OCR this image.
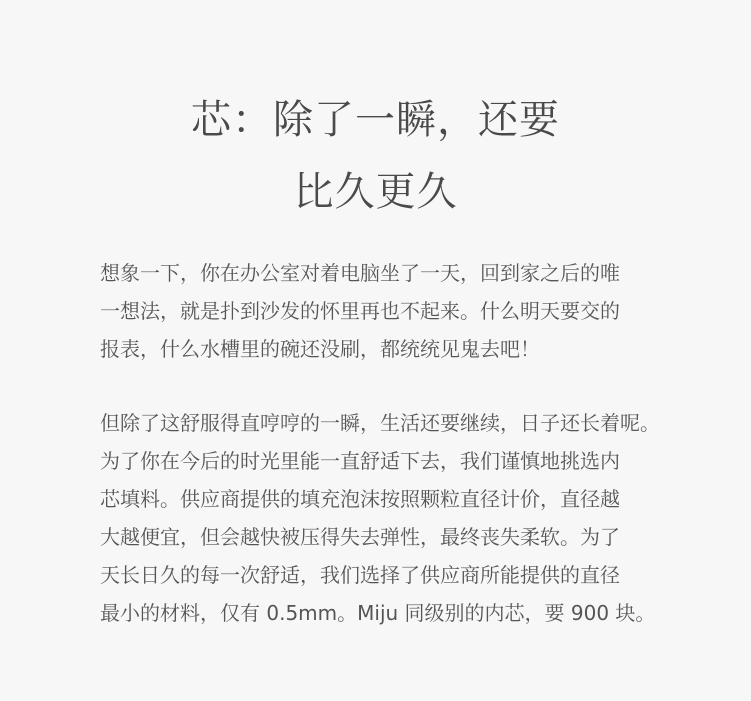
芯：除了一瞬，还要
比久更久

想象一下，你在办公室对着电脑坐了一天，回到家之后的唯
一想法，就是扑到沙发的怀里再也不起来。什么明天要交的
报表，什么水槽里的碗还没刷，都统统见鬼去吧！

但除了这舒服得直哼哼的一瞬，生活还要继续，日子还长着呢。
为了你在今后的时光里能一直舒适下去，我们谨慎地挑选内
芯填料。供应商提供的填充泡沫按照颗粒直径计价，直径越
大越便宜，但会越快被压得失去弹性，最终丧失柔软。为了
天长日久的每一次舒适，我们选择了供应商所能提供的直径
最小的材料，仅有 0.5mm。Miju 同级别的内芯，要 900 块。
